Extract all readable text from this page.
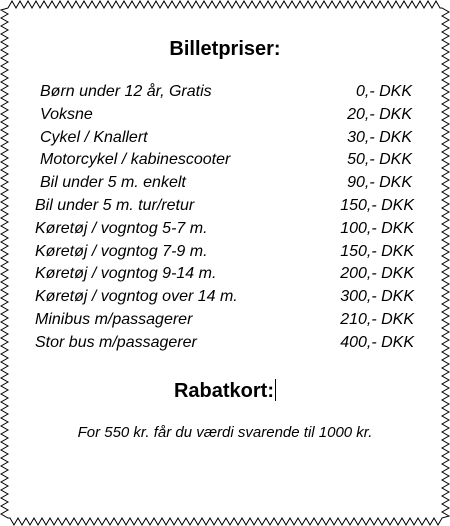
Billetpriser:
Børn under 12 år, Gratis	0,- DKK
Voksne	20,- DKK
Cykel / Knallert	30,- DKK
Motorcykel / kabinescooter	50,- DKK
Bil under 5 m. enkelt	90,- DKK
Bil under 5 m. tur/retur	150,- DKK
Køretøj / vogntog 5-7 m.	100,- DKK
Køretøj / vogntog 7-9 m.	150,- DKK
Køretøj / vogntog 9-14 m.	200,- DKK
Køretøj / vogntog over 14 m.	300,- DKK
Minibus m/passagerer	210,- DKK
Stor bus m/passagerer	400,- DKK
Rabatkort:
For 550 kr. får du værdi svarende til 1000 kr.
